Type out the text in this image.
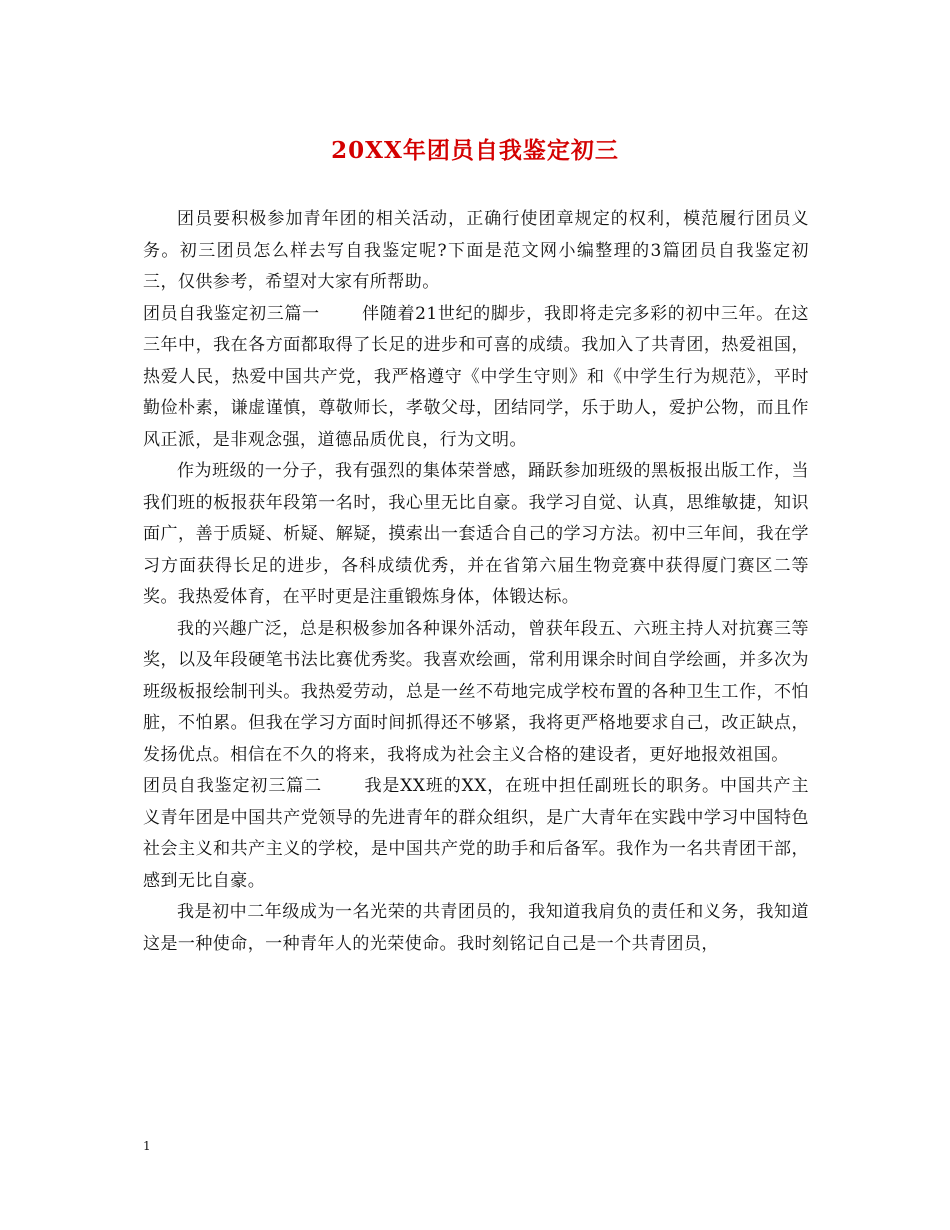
20XX年团员自我鉴定初三

团员要积极参加青年团的相关活动，正确行使团章规定的权利，模范履行团员义务。初三团员怎么样去写自我鉴定呢?下面是范文网小编整理的3篇团员自我鉴定初三，仅供参考，希望对大家有所帮助。

团员自我鉴定初三篇一 伴随着21世纪的脚步，我即将走完多彩的初中三年。在这三年中，我在各方面都取得了长足的进步和可喜的成绩。我加入了共青团，热爱祖国，热爱人民，热爱中国共产党，我严格遵守《中学生守则》和《中学生行为规范》，平时勤俭朴素，谦虚谨慎，尊敬师长，孝敬父母，团结同学，乐于助人，爱护公物，而且作风正派，是非观念强，道德品质优良，行为文明。

作为班级的一分子，我有强烈的集体荣誉感，踊跃参加班级的黑板报出版工作，当我们班的板报获年段第一名时，我心里无比自豪。我学习自觉、认真，思维敏捷，知识面广，善于质疑、析疑、解疑，摸索出一套适合自己的学习方法。初中三年间，我在学习方面获得长足的进步，各科成绩优秀，并在省第六届生物竞赛中获得厦门赛区二等奖。我热爱体育，在平时更是注重锻炼身体，体锻达标。

我的兴趣广泛，总是积极参加各种课外活动，曾获年段五、六班主持人对抗赛三等奖，以及年段硬笔书法比赛优秀奖。我喜欢绘画，常利用课余时间自学绘画，并多次为班级板报绘制刊头。我热爱劳动，总是一丝不苟地完成学校布置的各种卫生工作，不怕脏，不怕累。但我在学习方面时间抓得还不够紧，我将更严格地要求自己，改正缺点，发扬优点。相信在不久的将来，我将成为社会主义合格的建设者，更好地报效祖国。

团员自我鉴定初三篇二 我是XX班的XX，在班中担任副班长的职务。中国共产主义青年团是中国共产党领导的先进青年的群众组织，是广大青年在实践中学习中国特色社会主义和共产主义的学校，是中国共产党的助手和后备军。我作为一名共青团干部，感到无比自豪。

我是初中二年级成为一名光荣的共青团员的，我知道我肩负的责任和义务，我知道这是一种使命，一种青年人的光荣使命。我时刻铭记自己是一个共青团员，

1
